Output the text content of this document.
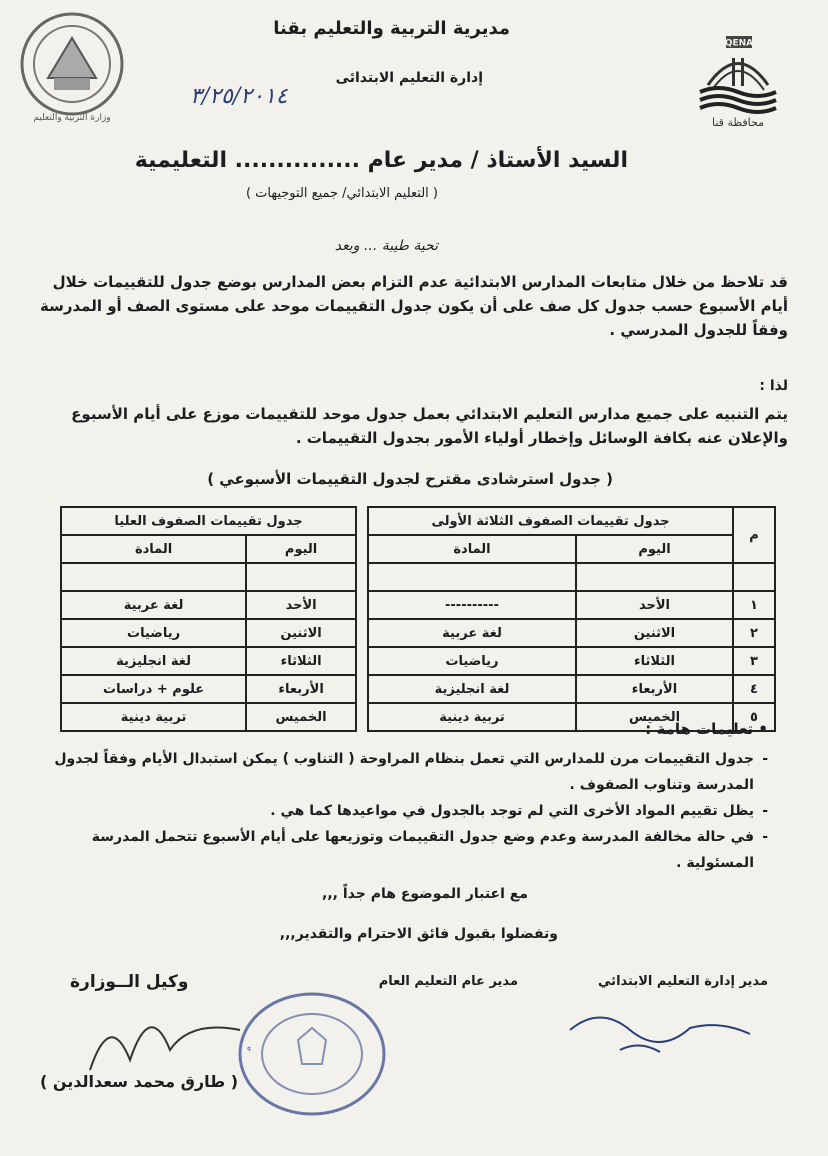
QENA
محافظة قنا
وزارة التربية والتعليم
مديرية التربية والتعليم بقنا
إدارة التعليم الابتدائى
٣/٢٥/٢٠١٤
السيد الأستاذ / مدير عام ............... التعليمية
( التعليم الابتدائي/ جميع التوجيهات )
تحية طيبة ... وبعد
قد تلاحظ من خلال متابعات المدارس الابتدائية عدم التزام بعض المدارس بوضع جدول للتقييمات خلال أيام الأسبوع حسب جدول كل صف على أن يكون جدول التقييمات موحد على مستوى الصف أو المدرسة وفقاً للجدول المدرسي .
لذا :
يتم التنبيه على جميع مدارس التعليم الابتدائي بعمل جدول موحد للتقييمات موزع على أيام الأسبوع والإعلان عنه بكافة الوسائل وإخطار أولياء الأمور بجدول التقييمات .
( جدول استرشادى مقترح لجدول التقييمات الأسبوعي )
م	جدول تقييمات الصفوف الثلاثة الأولى			جدول تقييمات الصفوف العليا	
	اليوم	المادة		اليوم	المادة

١	الأحد	----------		الأحد	لغة عربية
٢	الاثنين	لغة عربية		الاثنين	رياضيات
٣	الثلاثاء	رياضيات		الثلاثاء	لغة انجليزية
٤	الأربعاء	لغة انجليزية		الأربعاء	علوم + دراسات
٥	الخميس	تربية دينية		الخميس	تربية دينية
• تعليمات هامة :
- جدول التقييمات مرن للمدارس التي تعمل بنظام المراوحة ( التناوب ) يمكن استبدال الأيام وفقاً لجدول المدرسة وتناوب الصفوف .
- يظل تقييم المواد الأخرى التي لم توجد بالجدول في مواعيدها كما هي .
- في حالة مخالفة المدرسة وعدم وضع جدول التقييمات وتوزيعها على أيام الأسبوع تتحمل المدرسة المسئولية .
مع اعتبار الموضوع هام جداً ,,,
وتفضلوا بقبول فائق الاحترام والتقدير,,,
مدير إدارة التعليم الابتدائي
مدير عام التعليم العام
وكيل الــوزارة
( طارق محمد سعدالدين )
م
